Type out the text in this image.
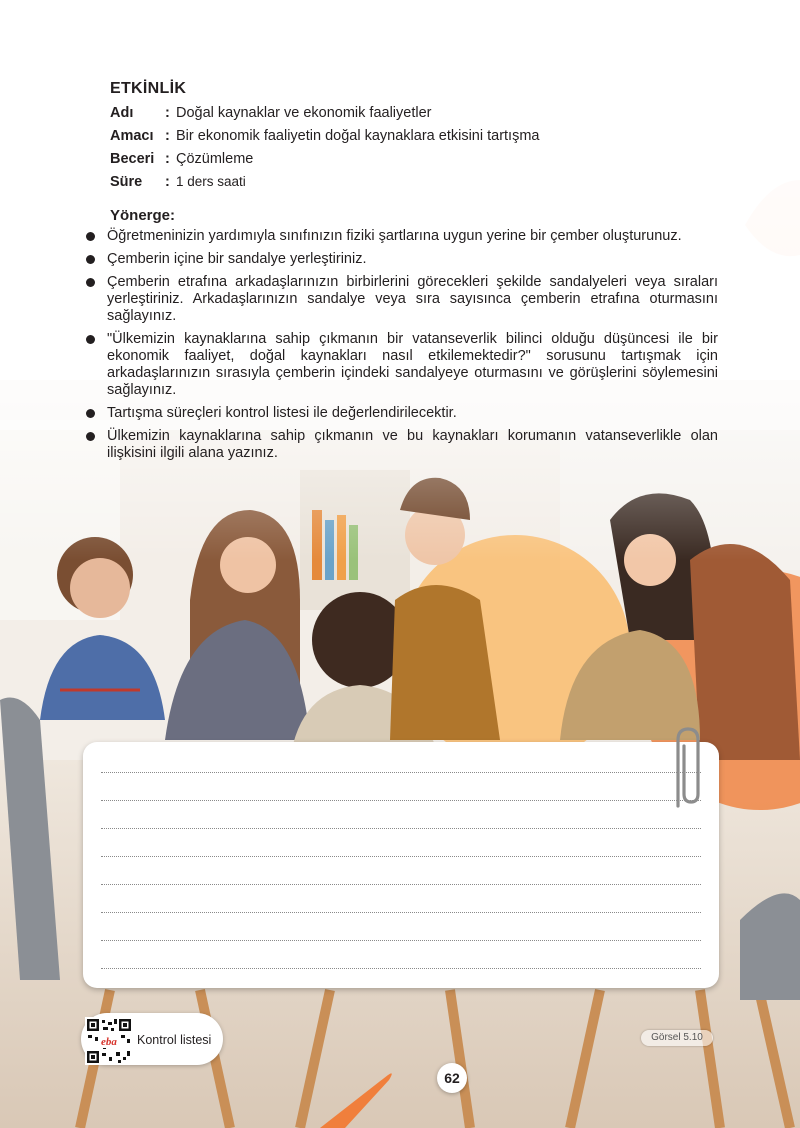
ETKİNLİK
Adı	: Doğal kaynaklar ve ekonomik faaliyetler
Amacı : Bir ekonomik faaliyetin doğal kaynaklara etkisini tartışma
Beceri : Çözümleme
Süre	: 1 ders saati
Yönerge:
Öğretmeninizin yardımıyla sınıfınızın fiziki şartlarına uygun yerine bir çember oluşturunuz.
Çemberin içine bir sandalye yerleştiriniz.
Çemberin etrafına arkadaşlarınızın birbirlerini görecekleri şekilde sandalyeleri veya sıraları yerleştiriniz. Arkadaşlarınızın sandalye veya sıra sayısınca çemberin etrafına oturmasını sağlayınız.
"Ülkemizin kaynaklarına sahip çıkmanın bir vatanseverlik bilinci olduğu düşüncesi ile bir ekonomik faaliyet, doğal kaynakları nasıl etkilemektedir?" sorusunu tartışmak için arkadaşlarınızın sırasıyla çemberin içindeki sandalyeye oturmasını ve görüşlerini söylemesini sağlayınız.
Tartışma süreçleri kontrol listesi ile değerlendirilecektir.
Ülkemizin kaynaklarına sahip çıkmanın ve bu kaynakları korumanın vatanseverlikle olan ilişkisini ilgili alana yazınız.
eba Kontrol listesi	Görsel 5.10
62
